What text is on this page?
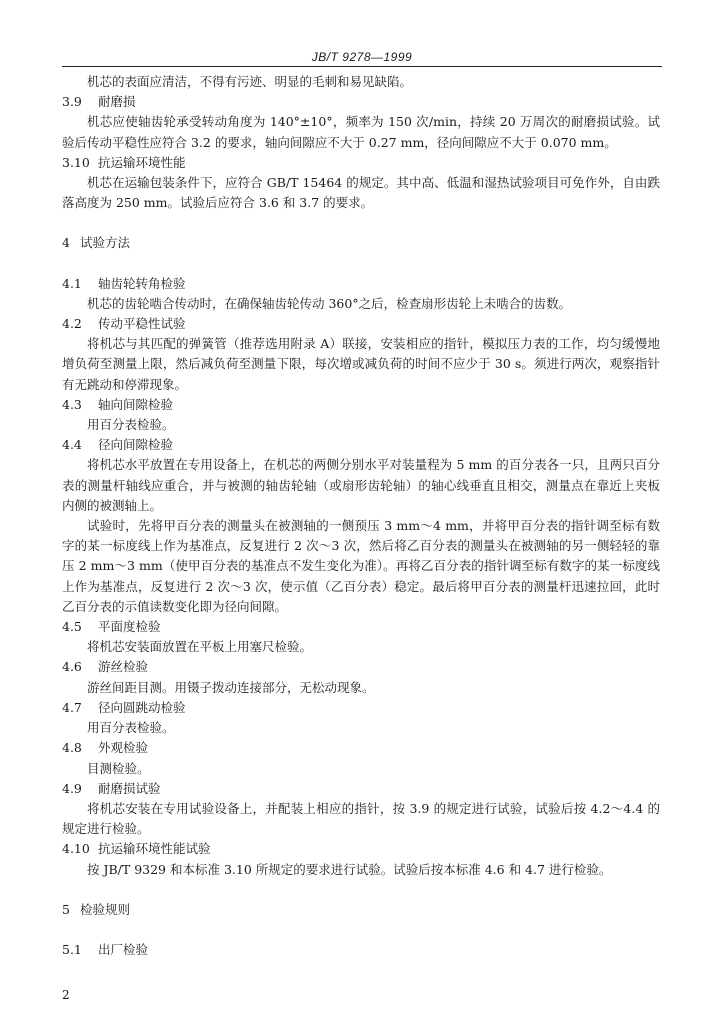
JB/T 9278—1999

机芯的表面应清洁，不得有污迹、明显的毛刺和易见缺陷。

3.9 耐磨损

机芯应使轴齿轮承受转动角度为 140°±10°，频率为 150 次/min，持续 20 万周次的耐磨损试验。试验后传动平稳性应符合 3.2 的要求，轴向间隙应不大于 0.27 mm，径向间隙应不大于 0.070 mm。

3.10 抗运输环境性能

机芯在运输包装条件下，应符合 GB/T 15464 的规定。其中高、低温和湿热试验项目可免作外，自由跌落高度为 250 mm。试验后应符合 3.6 和 3.7 的要求。

4 试验方法
4.1 轴齿轮转角检验

机芯的齿轮啮合传动时，在确保轴齿轮传动 360°之后，检查扇形齿轮上未啮合的齿数。

4.2 传动平稳性试验

将机芯与其匹配的弹簧管（推荐选用附录 A）联接，安装相应的指针，模拟压力表的工作，均匀缓慢地增负荷至测量上限，然后减负荷至测量下限，每次增或减负荷的时间不应少于 30 s。须进行两次，观察指针有无跳动和停滞现象。

4.3 轴向间隙检验

用百分表检验。

4.4 径向间隙检验

将机芯水平放置在专用设备上，在机芯的两侧分别水平对装量程为 5 mm 的百分表各一只，且两只百分表的测量杆轴线应重合，并与被测的轴齿轮轴（或扇形齿轮轴）的轴心线垂直且相交，测量点在靠近上夹板内侧的被测轴上。

试验时，先将甲百分表的测量头在被测轴的一侧预压 3 mm～4 mm，并将甲百分表的指针调至标有数字的某一标度线上作为基准点，反复进行 2 次～3 次，然后将乙百分表的测量头在被测轴的另一侧轻轻的靠压 2 mm～3 mm（使甲百分表的基准点不发生变化为准）。再将乙百分表的指针调至标有数字的某一标度线上作为基准点，反复进行 2 次～3 次，使示值（乙百分表）稳定。最后将甲百分表的测量杆迅速拉回，此时乙百分表的示值读数变化即为径向间隙。

4.5 平面度检验

将机芯安装面放置在平板上用塞尺检验。

4.6 游丝检验

游丝间距目测。用镊子拨动连接部分，无松动现象。

4.7 径向圆跳动检验

用百分表检验。

4.8 外观检验

目测检验。

4.9 耐磨损试验

将机芯安装在专用试验设备上，并配装上相应的指针，按 3.9 的规定进行试验，试验后按 4.2～4.4 的规定进行检验。

4.10 抗运输环境性能试验

按 JB/T 9329 和本标准 3.10 所规定的要求进行试验。试验后按本标准 4.6 和 4.7 进行检验。

5 检验规则
5.1 出厂检验
2
